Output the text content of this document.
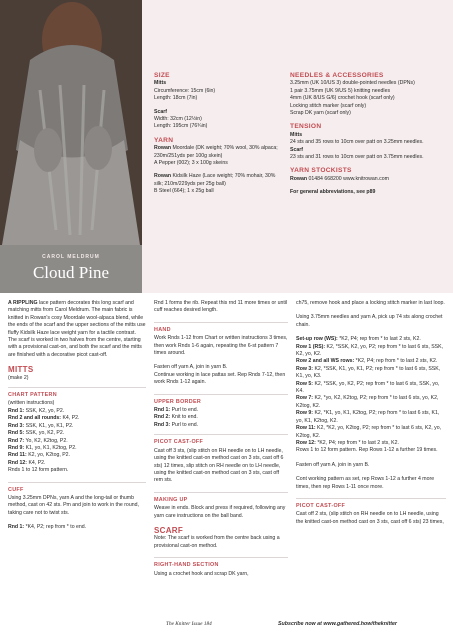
CAROL MELDRUM
Cloud Pine
SIZE
Mitts
Circumference: 15cm (6in)
Length: 18cm (7in)
Scarf
Width: 32cm (12½in)
Length: 195cm (76¾in)
YARN
Rowan Moordale (DK weight; 70% wool, 30% alpaca; 230m/251yds per 100g skein)
A Pepper (002); 3 x 100g skeins
Rowan Kidsilk Haze (Lace weight; 70% mohair, 30% silk; 210m/229yds per 25g ball)
B Steel (664); 1 x 25g ball
NEEDLES & ACCESSORIES
3.25mm (UK 10/US 3) double-pointed needles (DPNs)
1 pair 3.75mm (UK 9/US 5) knitting needles
4mm (UK 8/US G/6) crochet hook (scarf only)
Locking stitch marker (scarf only)
Scrap DK yarn (scarf only)
TENSION
Mitts
24 sts and 35 rows to 10cm over patt on 3.25mm needles.
Scarf
23 sts and 31 rows to 10cm over patt on 3.75mm needles.
YARN STOCKISTS
Rowan 01484 668200 www.knitrowan.com
For general abbreviations, see p89

A RIPPLING lace pattern decorates this long scarf and matching mitts from Carol Meldrum. The main fabric is knitted in Rowan's cosy Moordale wool-alpaca blend, while the ends of the scarf and the upper sections of the mitts use fluffy Kidsilk Haze lace weight yarn for a tactile contrast. The scarf is worked in two halves from the centre, starting with a provisional cast-on, and both the scarf and the mitts are finished with a decorative picot cast-off.

MITTS

(make 2)

CHART PATTERN
(written instructions)
Rnd 1: SSK, K2, yo, P2.
Rnd 2 and all rounds: K4, P2.
Rnd 3: SSK, K1, yo, K1, P2.
Rnd 5: SSK, yo, K2, P2.
Rnd 7: Yo, K2, K2tog, P2.
Rnd 9: K1, yo, K1, K2tog, P2.
Rnd 11: K2, yo, K2tog, P2.
Rnd 12: K4, P2.

Rnds 1 to 12 form pattern.

CUFF

Using 3.25mm DPNs, yarn A and the long-tail or thumb method, cast on 42 sts. Pm and join to work in the round, taking care not to twist sts.

Rnd 1: *K4, P2; rep from * to end.

Rnd 1 forms the rib. Repeat this rnd 11 more times or until cuff reaches desired length.

HAND

Work Rnds 1-12 from Chart or written instructions 3 times, then work Rnds 1-6 again, repeating the 6-st pattern 7 times around.

Fasten off yarn A, join in yarn B.

Continue working in lace pattas set. Rep Rnds 7-12, then work Rnds 1-12 again.

UPPER BORDER
Rnd 1: Purl to end.
Rnd 2: Knit to end.
Rnd 3: Purl to end.
PICOT CAST-OFF

Cast off 3 sts, (slip stitch on RH needle on to LH needle, using the knitted cast-on method cast on 3 sts, cast off 6 sts) 12 times, slip stitch on RH needle on to LH needle, using the knitted cast-on method cast on 3 sts, cast off rem sts.

MAKING UP

Weave in ends. Block and press if required, following any yarn care instructions on the ball band.

SCARF

Note: The scarf is worked from the centre back using a provisional cast-on method.

RIGHT-HAND SECTION

Using a crochet hook and scrap DK yarn,

ch75, remove hook and place a locking stitch marker in last loop.

Using 3.75mm needles and yarn A, pick up 74 sts along crochet chain.

Set-up row (WS): *K2, P4; rep from * to last 2 sts, K2.
Row 1 (RS): K2, *SSK, K2, yo, P2; rep from * to last 6 sts, SSK, K2, yo, K2.
Row 2 and all WS rows: *K2, P4; rep from * to last 2 sts, K2.
Row 3: K2, *SSK, K1, yo, K1, P2; rep from * to last 6 sts, SSK, K1, yo, K3.
Row 5: K2, *SSK, yo, K2, P2; rep from * to last 6 sts, SSK, yo, K4.
Row 7: K2, *yo, K2, K2tog, P2; rep from * to last 6 sts, yo, K2, K2tog, K2.
Row 9: K2, *K1, yo, K1, K2tog, P2; rep from * to last 6 sts, K1, yo, K1, K2tog, K2.
Row 11: K2, *K2, yo, K2tog, P2; rep from * to last 6 sts, K2, yo, K2tog, K2.
Row 12: *K2, P4; rep from * to last 2 sts, K2.

Rows 1 to 12 form pattern. Rep Rows 1-12 a further 19 times.

Fasten off yarn A, join in yarn B.

Cont working pattern as set, rep Rows 1-12 a further 4 more times, then rep Rows 1-11 once more.

PICOT CAST-OFF

Cast off 2 sts, (slip stitch on RH needle on to LH needle, using the knitted cast-on method cast on 3 sts, cast off 6 sts) 23 times,

The Knitter Issue 184	Subscribe now at www.gathered.how/theknitter
